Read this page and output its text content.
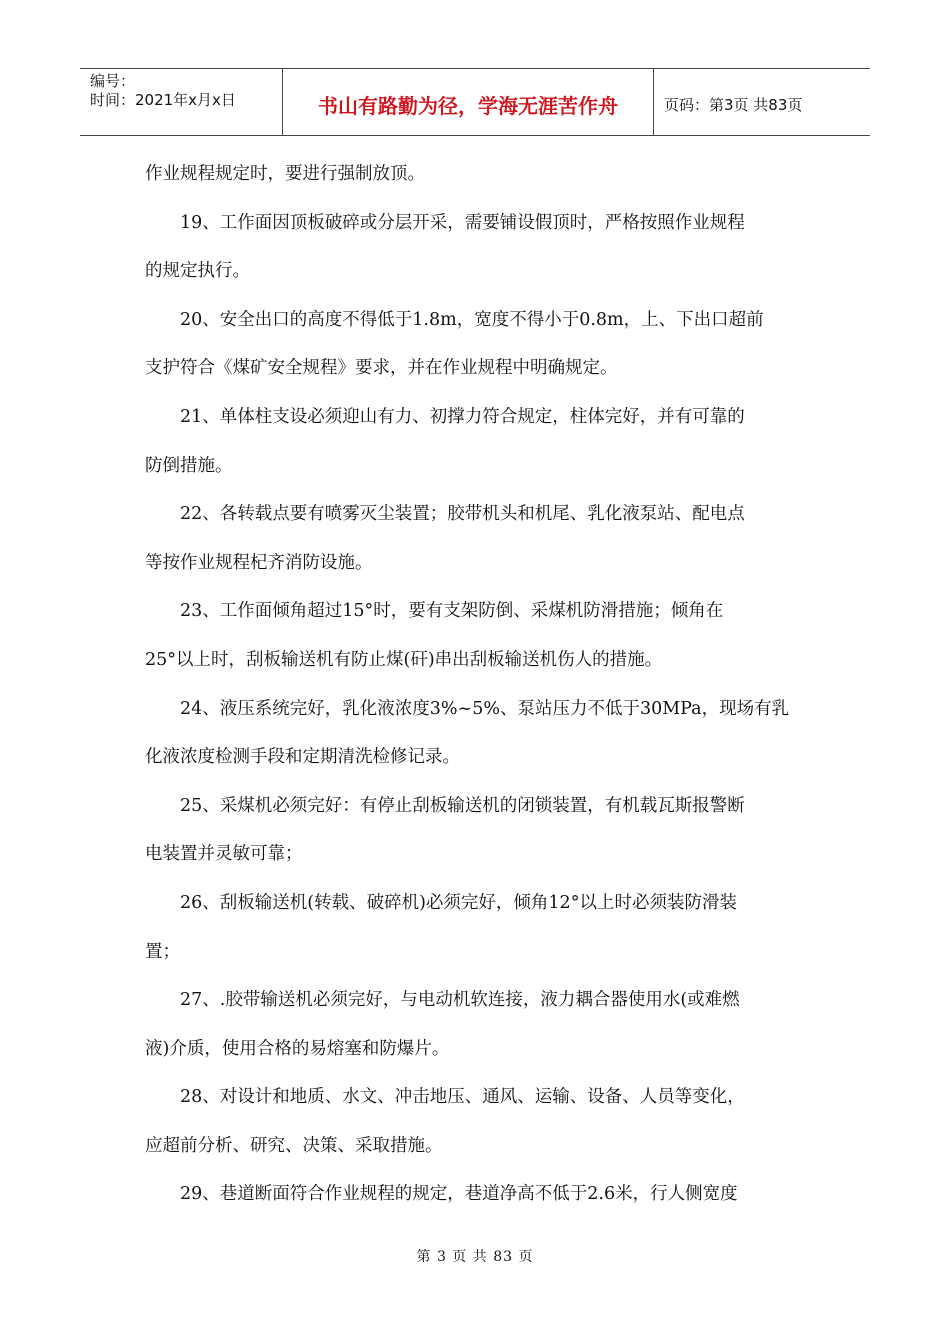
编号：
时间：2021年x月x日	书山有路勤为径，学海无涯苦作舟	页码：第3页 共83页
作业规程规定时，要进行强制放顶。
19、工作面因顶板破碎或分层开采，需要铺设假顶时，严格按照作业规程
的规定执行。
20、安全出口的高度不得低于1.8m，宽度不得小于0.8m，上、下出口超前
支护符合《煤矿安全规程》要求，并在作业规程中明确规定。
21、单体柱支设必须迎山有力、初撑力符合规定，柱体完好，并有可靠的
防倒措施。
22、各转载点要有喷雾灭尘装置；胶带机头和机尾、乳化液泵站、配电点
等按作业规程杞齐消防设施。
23、工作面倾角超过15°时，要有支架防倒、采煤机防滑措施；倾角在
25°以上时，刮板输送机有防止煤(矸)串出刮板输送机伤人的措施。
24、液压系统完好，乳化液浓度3%~5%、泵站压力不低于30MPa，现场有乳
化液浓度检测手段和定期清洗检修记录。
25、采煤机必须完好：有停止刮板输送机的闭锁装置，有机载瓦斯报警断
电装置并灵敏可靠；
26、刮板输送机(转载、破碎机)必须完好，倾角12°以上时必须装防滑装
置；
27、.胶带输送机必须完好，与电动机软连接，液力耦合器使用水(或难燃
液)介质，使用合格的易熔塞和防爆片。
28、对设计和地质、水文、冲击地压、通风、运输、设备、人员等变化，
应超前分析、研究、决策、采取措施。
29、巷道断面符合作业规程的规定，巷道净高不低于2.6米，行人侧宽度
第 3 页 共 83 页
